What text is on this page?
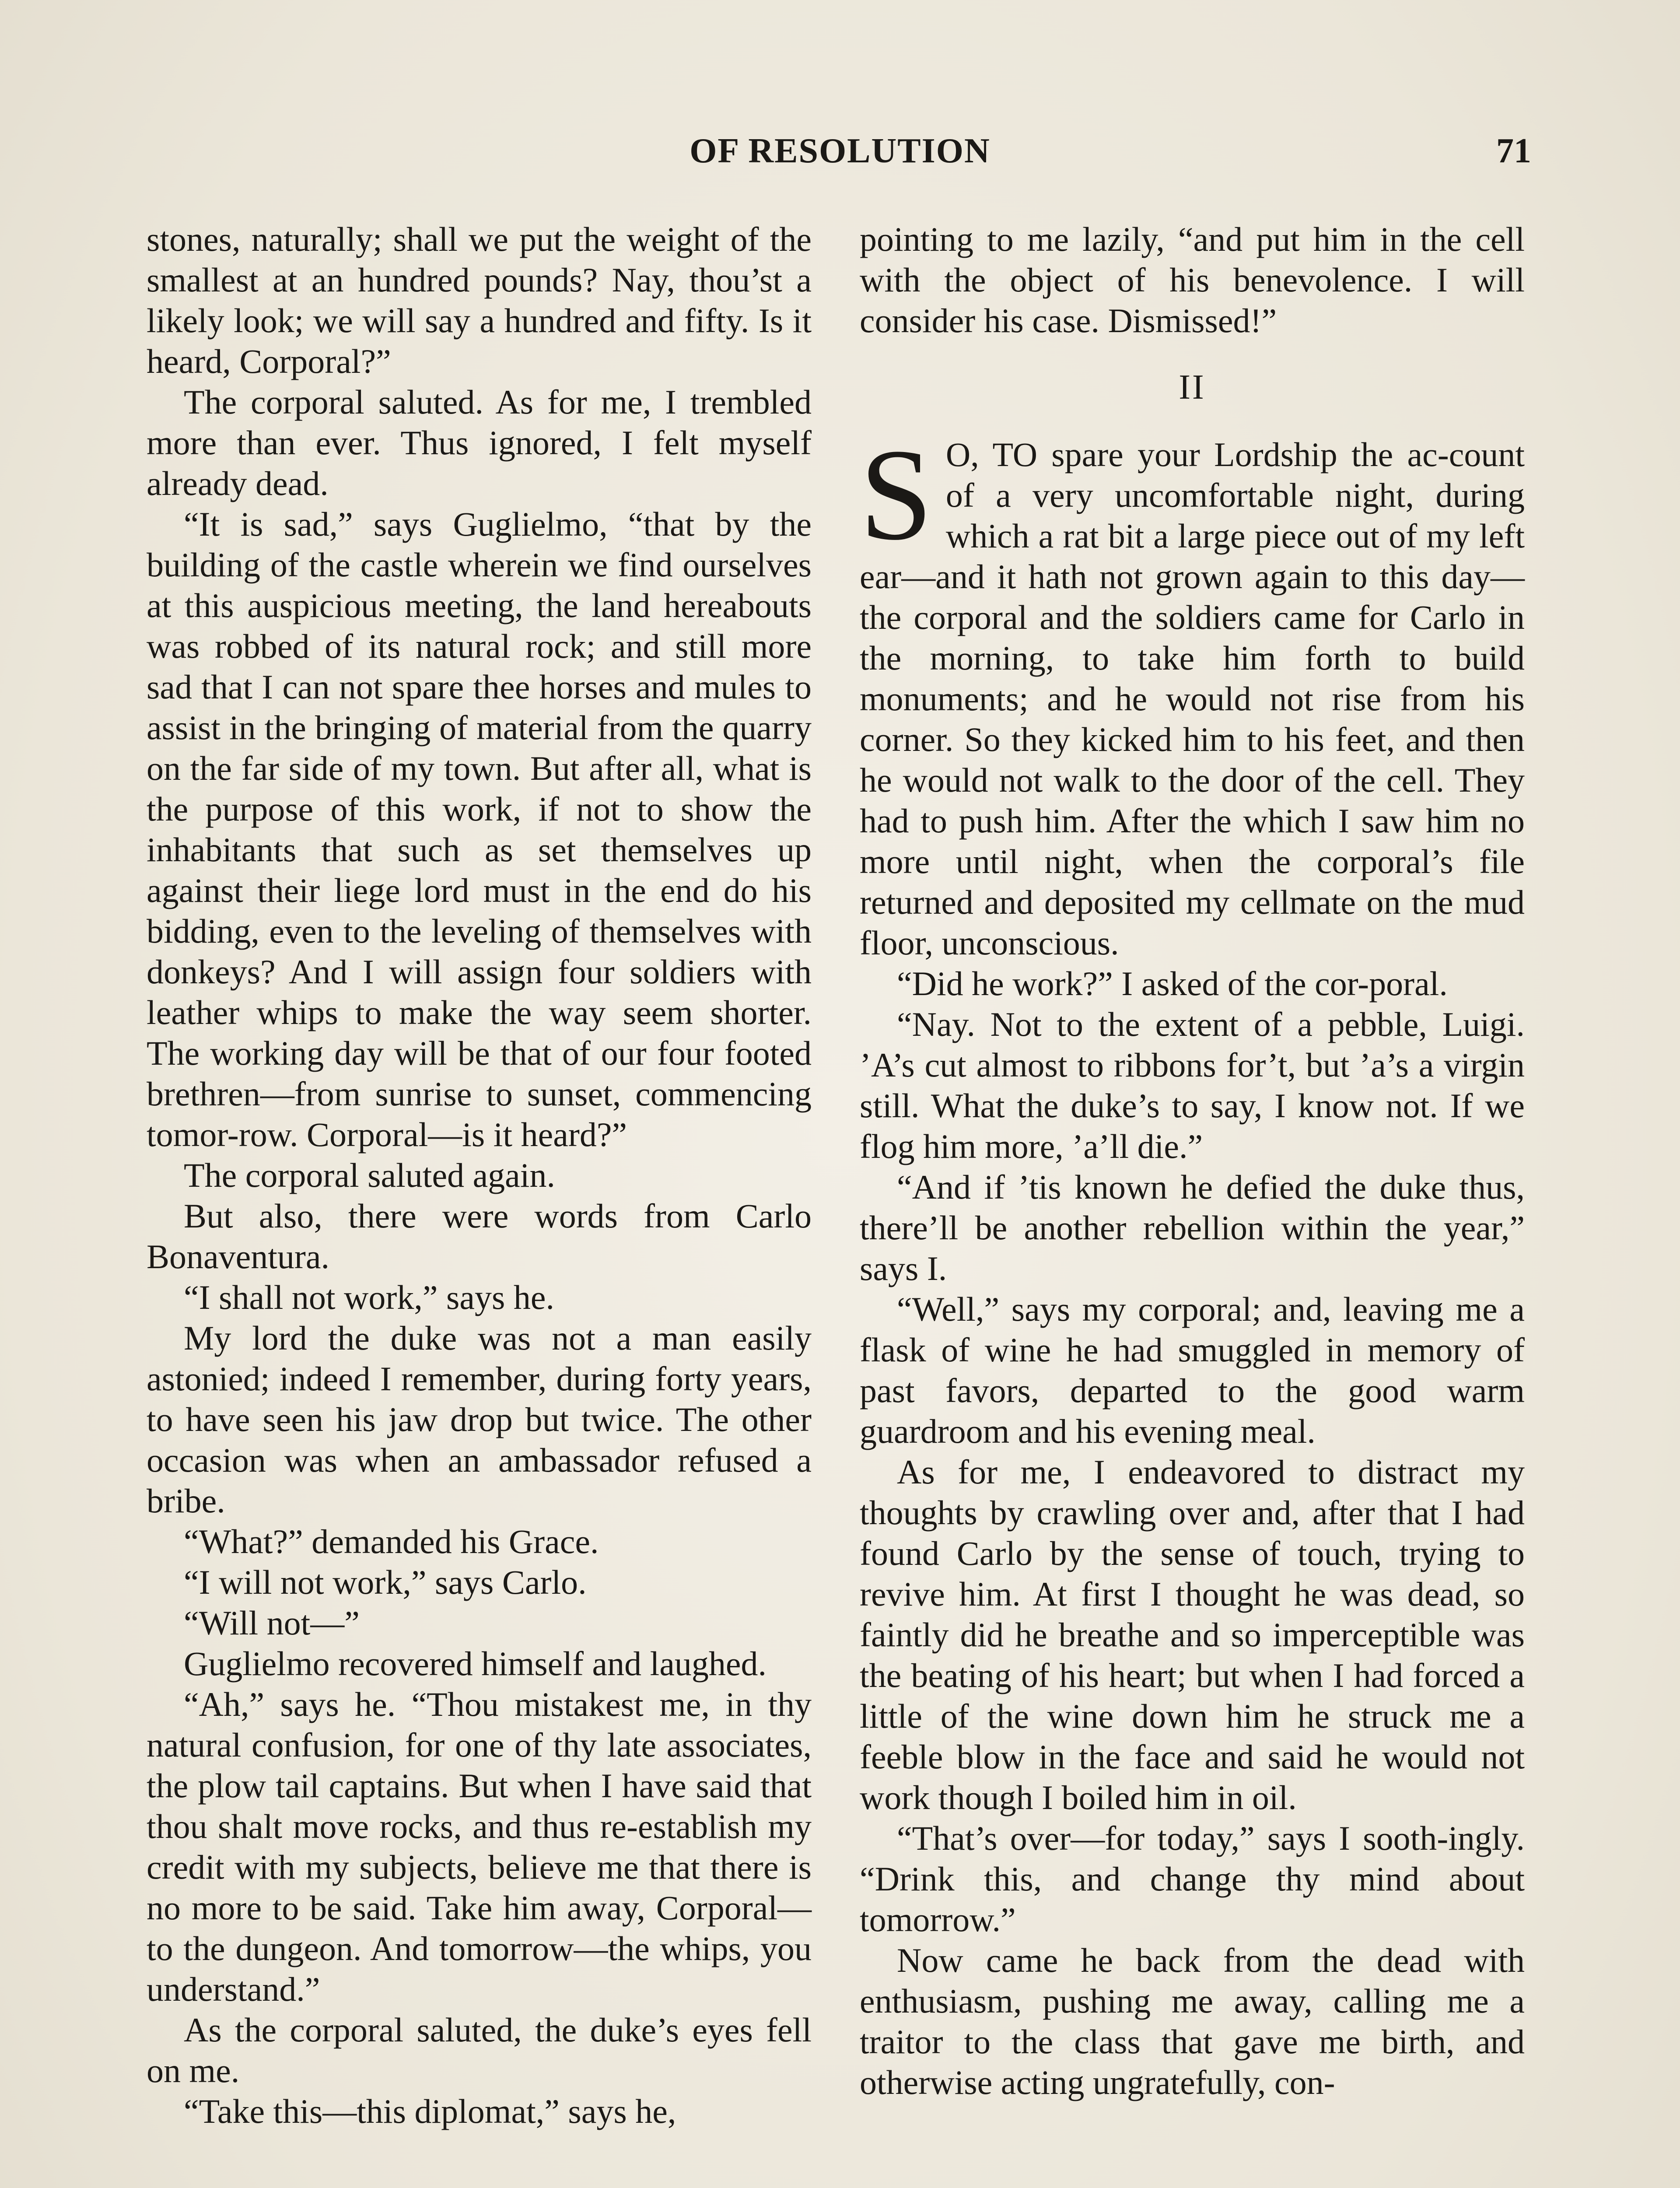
OF RESOLUTION	71

stones, naturally; shall we put the weight of the smallest at an hundred pounds? Nay, thou’st a likely look; we will say a hundred and fifty. Is it heard, Corporal?”

The corporal saluted. As for me, I trembled more than ever. Thus ignored, I felt myself already dead.

“It is sad,” says Guglielmo, “that by the building of the castle wherein we find ourselves at this auspicious meeting, the land hereabouts was robbed of its natural rock; and still more sad that I can not spare thee horses and mules to assist in the bringing of material from the quarry on the far side of my town. But after all, what is the purpose of this work, if not to show the inhabitants that such as set themselves up against their liege lord must in the end do his bidding, even to the leveling of themselves with donkeys? And I will assign four soldiers with leather whips to make the way seem shorter. The working day will be that of our four footed brethren—from sunrise to sunset, commencing tomor-row. Corporal—is it heard?”

The corporal saluted again.

But also, there were words from Carlo Bonaventura.

“I shall not work,” says he.

My lord the duke was not a man easily astonied; indeed I remember, during forty years, to have seen his jaw drop but twice. The other occasion was when an ambassador refused a bribe.

“What?” demanded his Grace.

“I will not work,” says Carlo.

“Will not—”

Guglielmo recovered himself and laughed.

“Ah,” says he. “Thou mistakest me, in thy natural confusion, for one of thy late associates, the plow tail captains. But when I have said that thou shalt move rocks, and thus re-establish my credit with my subjects, believe me that there is no more to be said. Take him away, Corporal—to the dungeon. And tomorrow—the whips, you understand.”

As the corporal saluted, the duke’s eyes fell on me.

“Take this—this diplomat,” says he,

pointing to me lazily, “and put him in the cell with the object of his benevolence. I will consider his case. Dismissed!”

II

S O, TO spare your Lordship the ac-count of a very uncomfortable night, during which a rat bit a large piece out of my left ear—and it hath not grown again to this day—the corporal and the soldiers came for Carlo in the morning, to take him forth to build monuments; and he would not rise from his corner. So they kicked him to his feet, and then he would not walk to the door of the cell. They had to push him. After the which I saw him no more until night, when the corporal’s file returned and deposited my cellmate on the mud floor, unconscious.

“Did he work?” I asked of the cor-poral.

“Nay. Not to the extent of a pebble, Luigi. ’A’s cut almost to ribbons for’t, but ’a’s a virgin still. What the duke’s to say, I know not. If we flog him more, ’a’ll die.”

“And if ’tis known he defied the duke thus, there’ll be another rebellion within the year,” says I.

“Well,” says my corporal; and, leaving me a flask of wine he had smuggled in memory of past favors, departed to the good warm guardroom and his evening meal.

As for me, I endeavored to distract my thoughts by crawling over and, after that I had found Carlo by the sense of touch, trying to revive him. At first I thought he was dead, so faintly did he breathe and so imperceptible was the beating of his heart; but when I had forced a little of the wine down him he struck me a feeble blow in the face and said he would not work though I boiled him in oil.

“That’s over—for today,” says I sooth-ingly. “Drink this, and change thy mind about tomorrow.”

Now came he back from the dead with enthusiasm, pushing me away, calling me a traitor to the class that gave me birth, and otherwise acting ungratefully, con-
